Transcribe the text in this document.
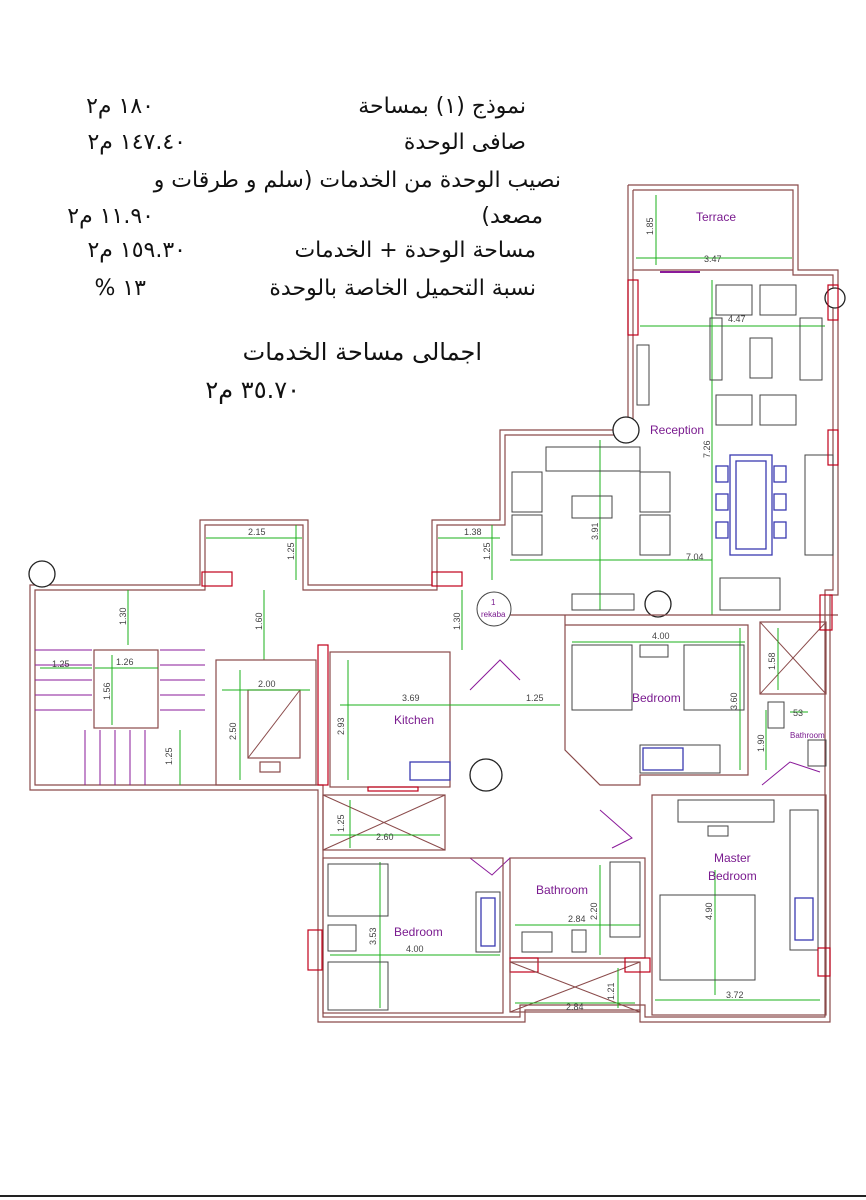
نموذج (١) بمساحة
١٨٠ م٢
صافى الوحدة
١٤٧.٤٠ م٢
نصيب الوحدة من الخدمات (سلم و طرقات و
مصعد)
١١.٩٠ م٢
مساحة الوحدة + الخدمات
١٥٩.٣٠ م٢
نسبة التحميل الخاصة بالوحدة
١٣ %
اجمالى مساحة الخدمات
٣٥.٧٠ م٢
1.85
3.47
Terrace
4.47
7.26
Reception
3.91
7.04
2.15
1.25
1.38
1.25
1.30	1.60	1.30
1.25	1.26
1.56
1.25
2.00
2.50
1
rekaba
3.69
2.93
1.25
Kitchen
4.00
3.60
Bedroom
1.58
53
1.90	Bathroom
1.25
2.60
2.84 2.20
Bathroom
3.53
4.00
Bedroom
2.84
1.21	3.72
4.90
Master
Bedroom
